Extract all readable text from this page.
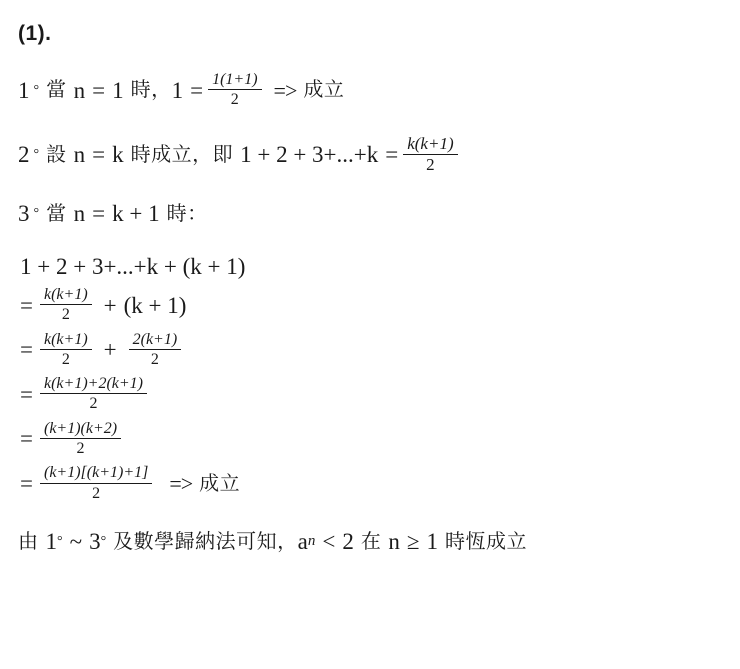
(1).
1 ° 當 n = 1 時， $1 = \frac{1(1+1)}{2}$ => 成立
2 ° 設 n = k 時成立，即 $1 + 2 + 3+...+k = \frac{k(k+1)}{2}$
3 ° 當 n = k + 1 時：
1 + 2 + 3+...+k + (k + 1)
= $\frac{k(k+1)}{2} + (k + 1)$
= $\frac{k(k+1)}{2} + \frac{2(k+1)}{2}$
= $\frac{k(k+1)+2(k+1)}{2}$
= $\frac{(k+1)(k+2)}{2}$
= $\frac{(k+1)[(k+1)+1]}{2}$ => 成立
由 1 ° ~ 3 ° 及數學歸納法可知， a n < 2 在 n ≥ 1 時恆成立
